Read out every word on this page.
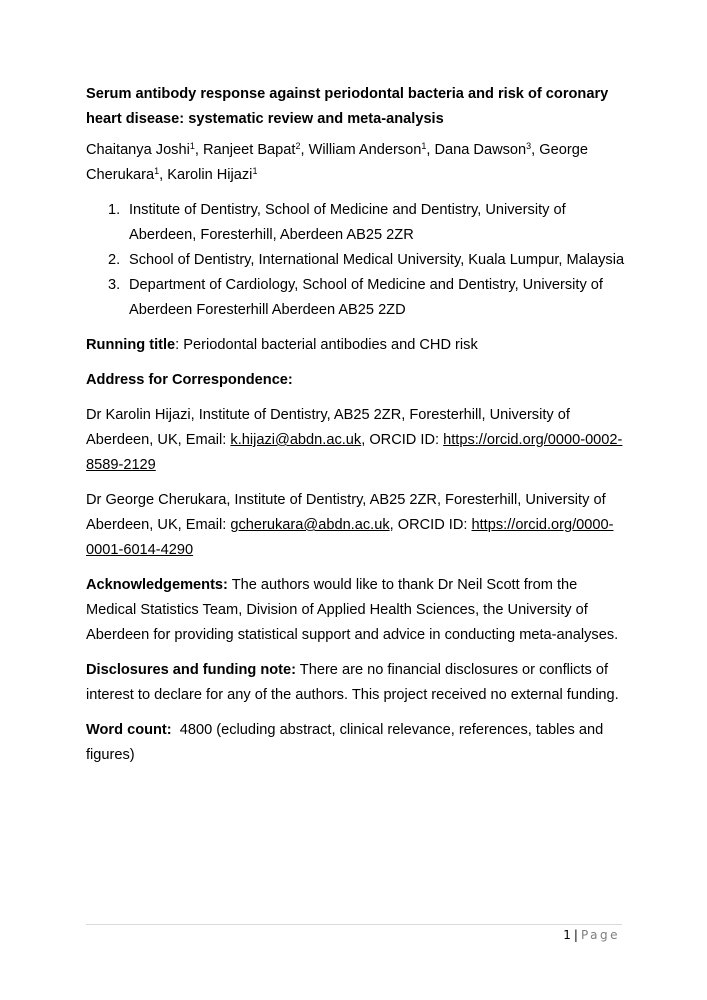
Serum antibody response against periodontal bacteria and risk of coronary heart disease: systematic review and meta-analysis

Chaitanya Joshi$^1$, Ranjeet Bapat$^2$, William Anderson$^1$, Dana Dawson$^3$, George Cherukara$^1$, Karolin Hijazi$^1$

1. Institute of Dentistry, School of Medicine and Dentistry, University of Aberdeen, Foresterhill, Aberdeen AB25 2ZR
2. School of Dentistry, International Medical University, Kuala Lumpur, Malaysia
3. Department of Cardiology, School of Medicine and Dentistry, University of Aberdeen Foresterhill Aberdeen AB25 2ZD

Running title: Periodontal bacterial antibodies and CHD risk

Address for Correspondence:

Dr Karolin Hijazi, Institute of Dentistry, AB25 2ZR, Foresterhill, University of Aberdeen, UK, Email: k.hijazi@abdn.ac.uk, ORCID ID: https://orcid.org/0000-0002-8589-2129

Dr George Cherukara, Institute of Dentistry, AB25 2ZR, Foresterhill, University of Aberdeen, UK, Email: gcherukara@abdn.ac.uk, ORCID ID: https://orcid.org/0000-0001-6014-4290

Acknowledgements: The authors would like to thank Dr Neil Scott from the Medical Statistics Team, Division of Applied Health Sciences, the University of Aberdeen for providing statistical support and advice in conducting meta-analyses.

Disclosures and funding note: There are no financial disclosures or conflicts of interest to declare for any of the authors. This project received no external funding.

Word count:  4800 (ecluding abstract, clinical relevance, references, tables and figures)

1 | Page
